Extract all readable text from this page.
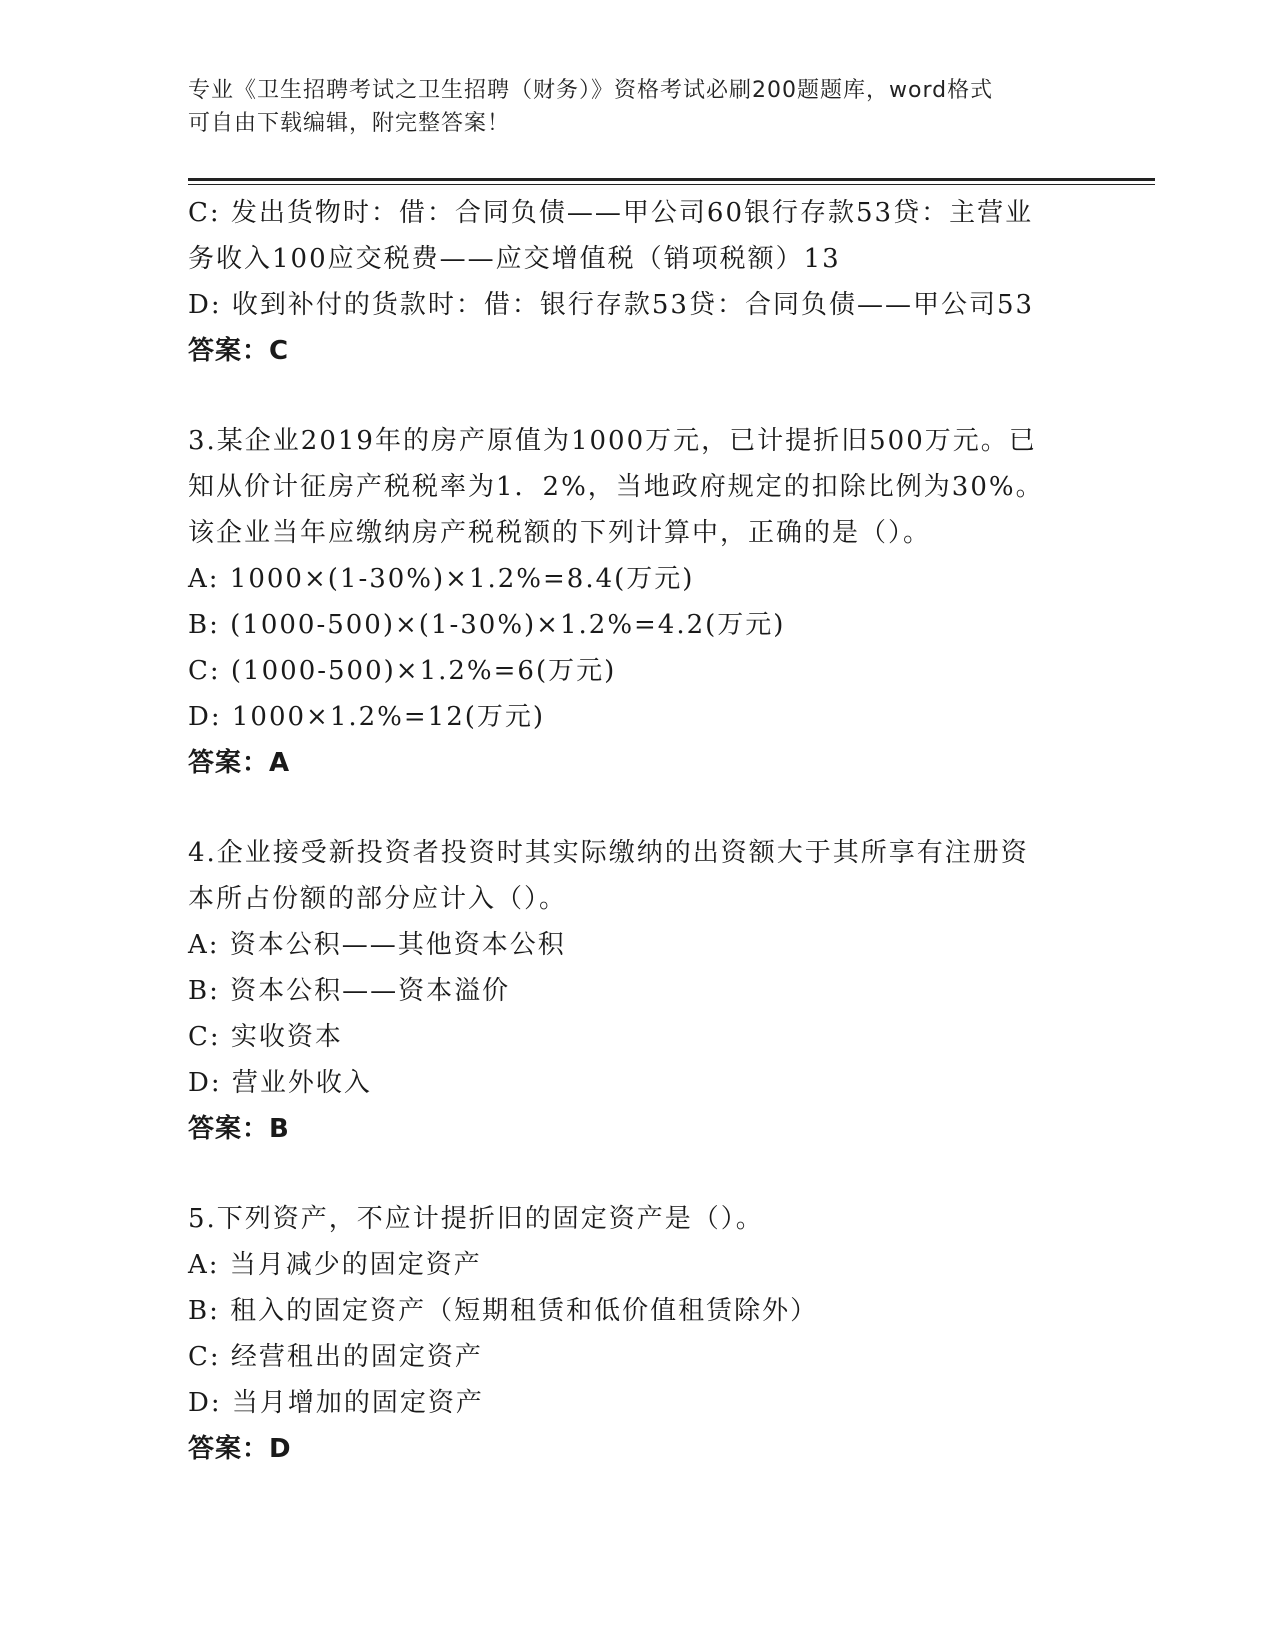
专业《卫生招聘考试之卫生招聘（财务）》资格考试必刷200题题库，word格式
可自由下载编辑，附完整答案！
C: 发出货物时：借：合同负债——甲公司60银行存款53贷：主营业
务收入100应交税费——应交增值税（销项税额）13
D: 收到补付的货款时：借：银行存款53贷：合同负债——甲公司53
答案：C
3.某企业2019年的房产原值为1000万元，已计提折旧500万元。已
知从价计征房产税税率为1．2%，当地政府规定的扣除比例为30%。
该企业当年应缴纳房产税税额的下列计算中，正确的是（）。
A: 1000×(1-30%)×1.2%=8.4(万元)
B: (1000-500)×(1-30%)×1.2%=4.2(万元)
C: (1000-500)×1.2%=6(万元)
D: 1000×1.2%=12(万元)
答案：A
4.企业接受新投资者投资时其实际缴纳的出资额大于其所享有注册资
本所占份额的部分应计入（）。
A: 资本公积——其他资本公积
B: 资本公积——资本溢价
C: 实收资本
D: 营业外收入
答案：B
5.下列资产，不应计提折旧的固定资产是（）。
A: 当月减少的固定资产
B: 租入的固定资产（短期租赁和低价值租赁除外）
C: 经营租出的固定资产
D: 当月增加的固定资产
答案：D
